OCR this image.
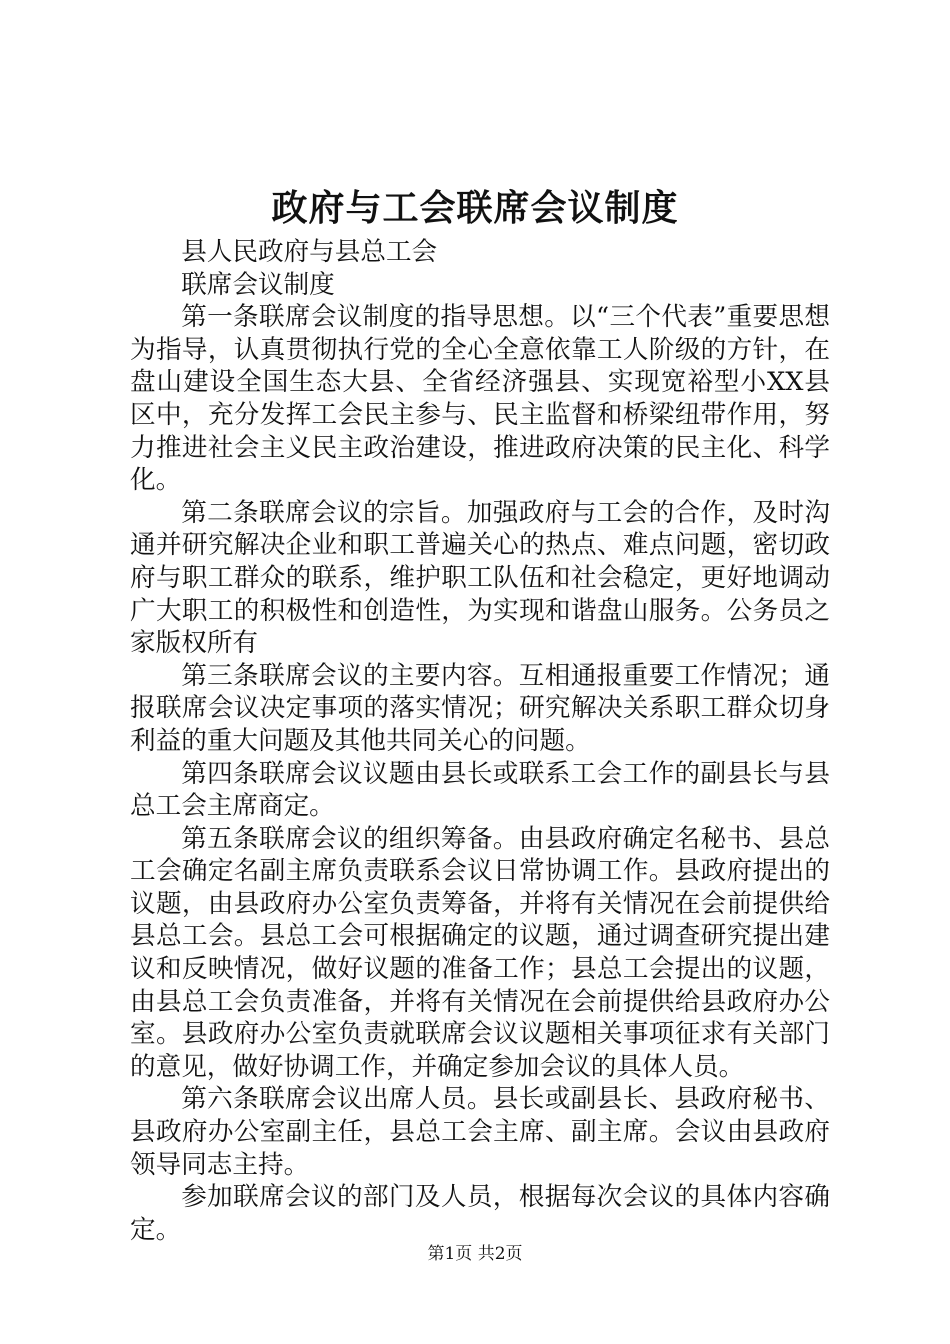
政府与工会联席会议制度

县人民政府与县总工会

联席会议制度

第一条联席会议制度的指导思想。以“三个代表”重要思想为指导，认真贯彻执行党的全心全意依靠工人阶级的方针，在盘山建设全国生态大县、全省经济强县、实现宽裕型小XX县区中，充分发挥工会民主参与、民主监督和桥梁纽带作用，努力推进社会主义民主政治建设，推进政府决策的民主化、科学化。

第二条联席会议的宗旨。加强政府与工会的合作，及时沟通并研究解决企业和职工普遍关心的热点、难点问题，密切政府与职工群众的联系，维护职工队伍和社会稳定，更好地调动广大职工的积极性和创造性，为实现和谐盘山服务。公务员之家版权所有

第三条联席会议的主要内容。互相通报重要工作情况；通报联席会议决定事项的落实情况；研究解决关系职工群众切身利益的重大问题及其他共同关心的问题。

第四条联席会议议题由县长或联系工会工作的副县长与县总工会主席商定。

第五条联席会议的组织筹备。由县政府确定名秘书、县总工会确定名副主席负责联系会议日常协调工作。县政府提出的议题，由县政府办公室负责筹备，并将有关情况在会前提供给县总工会。县总工会可根据确定的议题，通过调查研究提出建议和反映情况，做好议题的准备工作；县总工会提出的议题，由县总工会负责准备，并将有关情况在会前提供给县政府办公室。县政府办公室负责就联席会议议题相关事项征求有关部门的意见，做好协调工作，并确定参加会议的具体人员。

第六条联席会议出席人员。县长或副县长、县政府秘书、县政府办公室副主任，县总工会主席、副主席。会议由县政府领导同志主持。

参加联席会议的部门及人员，根据每次会议的具体内容确定。

第1页 共2页
